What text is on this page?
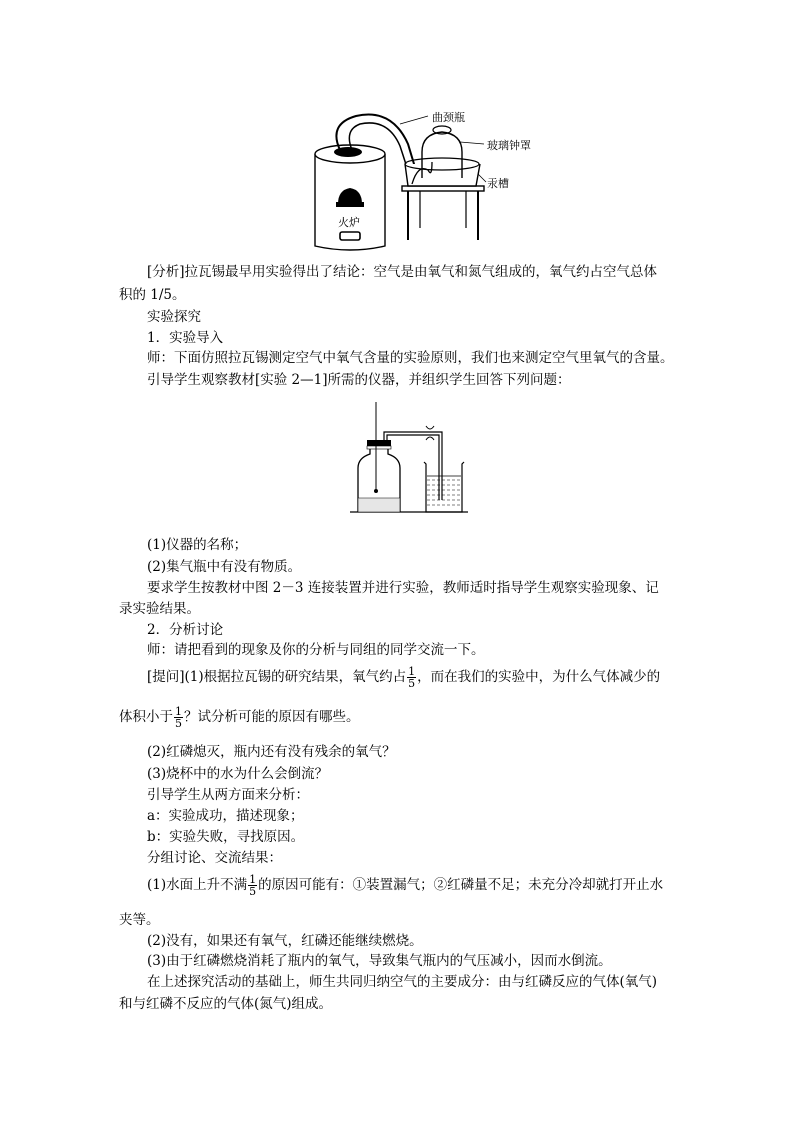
曲颈瓶
玻璃钟罩
汞槽
火炉
[分析]拉瓦锡最早用实验得出了结论：空气是由氧气和氮气组成的，氧气约占空气总体
积的 1/5。
实验探究
1．实验导入
师：下面仿照拉瓦锡测定空气中氧气含量的实验原则，我们也来测定空气里氧气的含量。
引导学生观察教材[实验 2—1]所需的仪器，并组织学生回答下列问题：
(1)仪器的名称；
(2)集气瓶中有没有物质。
要求学生按教材中图 2－3 连接装置并进行实验，教师适时指导学生观察实验现象、记
录实验结果。
2．分析讨论
师：请把看到的现象及你的分析与同组的同学交流一下。
[提问](1)根据拉瓦锡的研究结果，氧气约占 $\frac{1}{5}$ ，而在我们的实验中，为什么气体减少的
体积小于 $\frac{1}{5}$ ？试分析可能的原因有哪些。
(2)红磷熄灭，瓶内还有没有残余的氧气？
(3)烧杯中的水为什么会倒流？
引导学生从两方面来分析：
a：实验成功，描述现象；
b：实验失败，寻找原因。
分组讨论、交流结果：
(1)水面上升不满 $\frac{1}{5}$ 的原因可能有：①装置漏气；②红磷量不足；未充分冷却就打开止水
夹等。
(2)没有，如果还有氧气，红磷还能继续燃烧。
(3)由于红磷燃烧消耗了瓶内的氧气，导致集气瓶内的气压减小，因而水倒流。
在上述探究活动的基础上，师生共同归纳空气的主要成分：由与红磷反应的气体(氧气)
和与红磷不反应的气体(氮气)组成。
